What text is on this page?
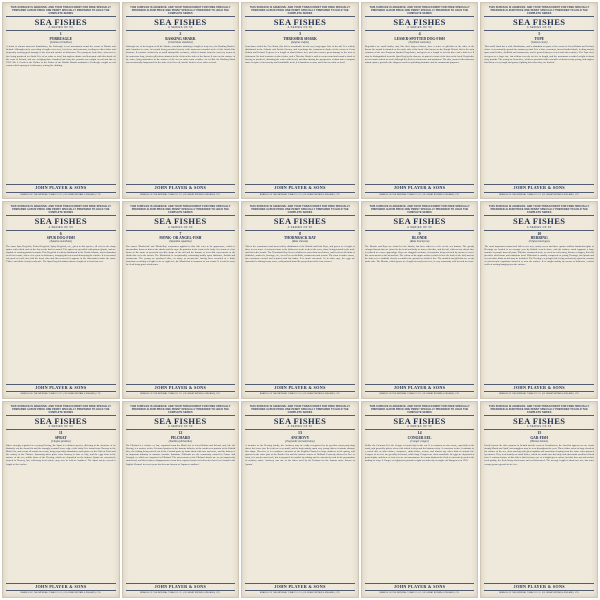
THIS SURFACE IS ADHESIVE. AND YOUR TOBACCONIST FOR FREE SPECIALLY PREPARED ALBUM PRICE ONE PENNY SPECIALLY PREPARED TO HOLD THE COMPLETE SERIES
SEA FISHES
A SERIES OF 50
1
PORBEAGLE
(Lamna cornubica)
A shark of almost universal distribution, the Porbeagle is not uncommon round the coasts of Britain and Ireland. Although rarely exceeding a length of ten feet, it is fierce and voracious, feeding on other fishes and frequently causing great damage to the nets and catches of fishermen. The young are born alive, from two to five being produced at a birth. It is of no value as food, but anglers obtain excellent sport with this shark off the coast of Ireland, and one weighing three hundred and sixty-five pounds was caught on rod and line in 1932. Mr. J. Crook is the Holder of the Fishes of the British Islands maintains a Porbeagle caught on rod counts which sprung at a fisherman, tearing his clothing.
JOHN PLAYER & SONS
BRANCH OF THE IMPERIAL TOBACCO CO. (OF GREAT BRITAIN & IRELAND), LTD.
THIS SURFACE IS ADHESIVE. AND YOUR TOBACCONIST FOR FREE SPECIALLY PREPARED ALBUM PRICE ONE PENNY SPECIALLY PREPARED TO HOLD THE COMPLETE SERIES
SEA FISHES
A SERIES OF 50
2
BASKING SHARK
(Cetorhinus maximus)
Although one of the largest of all the Sharks, sometimes attaining a length of forty feet, the Basking Shark is quite harmless to man, its mouth being provided merely with numerous rounded teeth of like bristle-like structure. It consists exclusively of small shrimp-like creatures, which it strains from the water by means of the numerous long, slender gill-rakers situated in the clefts at the sides of the throat. It rises on the surface of the water, lying motionless at the surface of the sea on calm warm weather. An eel-like the Basking Shark was occasionally harpooned for the sake of its liver oil, but the flesh is of no value as food.
JOHN PLAYER & SONS
BRANCH OF THE IMPERIAL TOBACCO CO. (OF GREAT BRITAIN & IRELAND), LTD.
THIS SURFACE IS ADHESIVE. AND YOUR TOBACCONIST FOR FREE SPECIALLY PREPARED ALBUM PRICE ONE PENNY SPECIALLY PREPARED TO HOLD THE COMPLETE SERIES
SEA FISHES
A SERIES OF 50
3
THRESHER SHARK
(Alopias vulpes)
Sometimes called the Fox Shark, this fish is remarkable for the very long upper lobe of the tail. It is widely distributed in the Atlantic and Pacific Oceans, and is perhaps the commonest shark off the coasts of Great Britain and Ireland. It grows to a length of about fifteen feet, and often causes great damage to the nets of fishermen. Its food consists of other fishes, and a Thresher Shark is said to swim round and round a shoal of herring or mackerel, thrashing the water with its tail, and thus driving the prospective victims into a compact mass. In spite of its voracity and formidable teeth, it is harmless to man, and it has no value as food.
JOHN PLAYER & SONS
BRANCH OF THE IMPERIAL TOBACCO CO. (OF GREAT BRITAIN & IRELAND), LTD.
THIS SURFACE IS ADHESIVE. AND YOUR TOBACCONIST FOR FREE SPECIALLY PREPARED ALBUM PRICE ONE PENNY SPECIALLY PREPARED TO HOLD THE COMPLETE SERIES
SEA FISHES
A SERIES OF 50
4
LESSER-SPOTTED DOG-FISH
(Scyllium canicula)
Dog-fishes are small sharks, and, like their larger relatives, have a series of gill-slits on the sides of the throat; the mouth is situated on the under side of the head. Also known as the Rough Hound, this is the most common of the two European Spotted Dog-fishes, and grows to a length of at least three and a half feet. It may be distinguished from the Spur Dog by the absence of spines in front of the fins on the back. Dog-fishes are not much valued as food, although the flesh is wholesome and nutritious. The skin, armed with numerous minute spines, provides the shagreen used for polishing furniture and for ornamental purposes.
JOHN PLAYER & SONS
BRANCH OF THE IMPERIAL TOBACCO CO. (OF GREAT BRITAIN & IRELAND), LTD.
THIS SURFACE IS ADHESIVE. AND YOUR TOBACCONIST FOR FREE SPECIALLY PREPARED ALBUM PRICE ONE PENNY SPECIALLY PREPARED TO HOLD THE COMPLETE SERIES
SEA FISHES
A SERIES OF 50
5
TOPE
(Galeus canis)
This small shark has a wide distribution, and is abundant on parts of the coasts of Great Britain and Ireland, where it occasionally spends the summer period. It is a slim, voracious, brown-bodied shark, feeding mainly upon small fishes, shellfish and crustaceans, and is great destroyer of nets and other catches. The Tope does not grow to a large size, but seldom exceeds six feet in length, and the maximum recorded weight is about sixty pounds. The young are born alive, which is provided with a sizeable of about twenty young, and anglers find them a very tough and gamey fighting fish when they are hooked.
JOHN PLAYER & SONS
BRANCH OF THE IMPERIAL TOBACCO CO. (OF GREAT BRITAIN & IRELAND), LTD.
THIS SURFACE IS ADHESIVE. AND YOUR TOBACCONIST FOR FREE SPECIALLY PREPARED ALBUM PRICE ONE PENNY SPECIALLY PREPARED TO HOLD THE COMPLETE SERIES
SEA FISHES
A SERIES OF 50
6
SPUR DOG-FISH
(Squalus acanthias)
The name Spur Dog-fish, Picked Dog-fish, Spiny Dog-fish, etc., given to this species, all refer to the sharp spines with which each of the fins on the back is armed. The spines are provided with poison glands, and are capable of causing painful wounds. This Dog-fish is widely distributed in the North Atlantic, and is abundant on all our coasts, where it is a pest to fishermen, ravaging their nets and destroying the catches. It is not much esteemed as food, but with the head, skin and fins removed it appears in the fish-market under the name 'Flake'; and finds a fairly ready sale. The Spur Dog-fish attains about a length of at least four feet.
JOHN PLAYER & SONS
BRANCH OF THE IMPERIAL TOBACCO CO. (OF GREAT BRITAIN & IRELAND), LTD.
THIS SURFACE IS ADHESIVE. AND YOUR TOBACCONIST FOR FREE SPECIALLY PREPARED ALBUM PRICE ONE PENNY SPECIALLY PREPARED TO HOLD THE COMPLETE SERIES
SEA FISHES
A SERIES OF 50
7
MONK- OR ANGEL-FISH
(Squatina squatina)
The names 'Monk-fish' and 'Monk-Ray' sometimes applied to this fish refer to its appearance, which is intermediate between that of the sharks and the rays. Its position in the front of the body is in front of a line drawn to the name of powerful saw-like shape of the tail and the human of wave-like movements of the bluish disc as in the bream. The Monk-fish is exceptionally exhausting bodily upon flatfishes, flatfish and crustaceans. The young are produced alive, as many as twenty-five having been recorded at a birth. Sometimes reaching a length of six to eight feet, the Monk-fish is common on our coasts. It is sold as food, the flesh being quite wholesome.
JOHN PLAYER & SONS
BRANCH OF THE IMPERIAL TOBACCO CO. (OF GREAT BRITAIN & IRELAND), LTD.
THIS SURFACE IS ADHESIVE. AND YOUR TOBACCONIST FOR FREE SPECIALLY PREPARED ALBUM PRICE ONE PENNY SPECIALLY PREPARED TO HOLD THE COMPLETE SERIES
SEA FISHES
A SERIES OF 50
8
THORNBACK RAY
(Raia clavata)
This is the commonest and most widely distributed of the British and Irish Rays, and grows to a length of three feet or more. A curious feature is the difference in the teeth of the sexes, those being pointed in the male and flat in the female. The Thornback Ray lives in shallower water than its relatives, and feeds on all kinds of flatfishes, sand-eels, herrings, etc., as well as on shellfish, crustaceans and worms. The form is rather coarse, has enormous created and serrated with hot butter. It is much esteemed. As in other rays, the eggs are deposited in oblong horny cases, with pointed horn-like projections at the four corners.
JOHN PLAYER & SONS
BRANCH OF THE IMPERIAL TOBACCO CO. (OF GREAT BRITAIN & IRELAND), LTD.
THIS SURFACE IS ADHESIVE. AND YOUR TOBACCONIST FOR FREE SPECIALLY PREPARED ALBUM PRICE ONE PENNY SPECIALLY PREPARED TO HOLD THE COMPLETE SERIES
SEA FISHES
A SERIES OF 50
9
BLONDE
(Raia brachyura)
The Blonde and Rays are related to the Sharks, but have taken to a life on the sea bottom. The greatly enlarged breast-fins are joined to the head and body to form a flat disc, and the tail, with no true dorsal fins, is reduced to a mere appendage. Rays are sluggish creatures, locomotion being effected by means of wave-like movements of the breast-fins. The colour of the upper surface (which is here the back of the fish) and not the skin as in a flatfish) closely resembles the ground on which it lies. The mottled and gill-slits are on the under side. The Blonde, which grows to a length of nearly four feet, is very commonly sold as food for food.
JOHN PLAYER & SONS
BRANCH OF THE IMPERIAL TOBACCO CO. (OF GREAT BRITAIN & IRELAND), LTD.
THIS SURFACE IS ADHESIVE. AND YOUR TOBACCONIST FOR FREE SPECIALLY PREPARED ALBUM PRICE ONE PENNY SPECIALLY PREPARED TO HOLD THE COMPLETE SERIES
SEA FISHES
A SERIES OF 50
10
HERRING
(Clupea harengus)
The most important commercial fish in our seas, nearly seven and three quarter million hundredweights of Herrings are landed in an average year by British vessels alone, and the inshore catch supports a large number of people from all parts. Whether consumed fresh, or cured as red herring, bloater or kipper, this fish provides wholesome and nutritious food. Whitebait is usually composed of young Herrings, but Sprats and several other kinds of fish may be included. The Herring is a pelagic fish, living exclusively upon the swarms of microscopic organisms found at or near the surface. It is caught mainly by means of drift-nets, vertical walls of netting hanging near the surface.
JOHN PLAYER & SONS
BRANCH OF THE IMPERIAL TOBACCO CO. (OF GREAT BRITAIN & IRELAND), LTD.
THIS SURFACE IS ADHESIVE. AND YOUR TOBACCONIST FOR FREE SPECIALLY PREPARED ALBUM PRICE ONE PENNY SPECIALLY PREPARED TO HOLD THE COMPLETE SERIES
SEA FISHES
A SERIES OF 50
11
SPRAT
(Clupea sprattus)
Often wrongly regarded as a young Herring, the Sprat is a distinct species, differing in the structure of its distinctly cut the dorsal fin and the strongly serrated lower edge of the body. It is found from Norway to the Black Sea, and occurs all round our coasts, being especially abundant in such places as the Firth of Forth and the estuary of the Thames. Spawning takes place from January to June or July, and the eggs float at the surface of the sea, unlike those of the Herring, which are deposited on the bottom. Sprats are extensively canned in Norway, but, following local action, may now be sold as 'sardines'. The Sprat rarely exceeds a length of five inches.
JOHN PLAYER & SONS
BRANCH OF THE IMPERIAL TOBACCO CO. (OF GREAT BRITAIN & IRELAND), LTD.
THIS SURFACE IS ADHESIVE. AND YOUR TOBACCONIST FOR FREE SPECIALLY PREPARED ALBUM PRICE ONE PENNY SPECIALLY PREPARED TO HOLD THE COMPLETE SERIES
SEA FISHES
A SERIES OF 50
12
PILCHARD
(Sardina pilchardus)
The Pilchard is a relative of, but, separated from the Black Sea to Great Britain and Ireland, and, like the Herring, is a surface feeder. It formed portion of the famous fisheries of the south-west portion of the British Isles, the fishing being carried out in the Cornish ports by boats fitted with nets and seine, and the fishery is an important industry in summer months. Immature Pilchards are the commonly canned in France and Portugal, to which are imported as Pilchard. The movements of the Pilchard shoals are as yet imperfectly understood, and their inshore disappearances from their reported causes is believed to have been found in the English Channel in recent years has become known as 'Japanese sardines'.
JOHN PLAYER & SONS
BRANCH OF THE IMPERIAL TOBACCO CO. (OF GREAT BRITAIN & IRELAND), LTD.
THIS SURFACE IS ADHESIVE. AND YOUR TOBACCONIST FOR FREE SPECIALLY PREPARED ALBUM PRICE ONE PENNY SPECIALLY PREPARED TO HOLD THE COMPLETE SERIES
SEA FISHES
A SERIES OF 50
13
ANCHOVY
(Engraulis encrasicholus)
A member of the Herring family, the Anchovy may be easily recognised by its peculiar snout projecting above the lower jaw. Its teeth are very small, and its body mainly upon very young fishes of minute shrimp-like shape. However, it is a northern extension of the English Channel in large numbers in the spring, and spawns in the outer part of the Border Sea and the inshore waters of Holland. Formerly allowed to live or form, it is rarely eaten fresh, but is prepared for market by salting and is extensively used in the preparation of anchovy sauce. Anchovy was one of the fishes used by the Romans for the famous sauce known as 'garum'.
JOHN PLAYER & SONS
BRANCH OF THE IMPERIAL TOBACCO CO. (OF GREAT BRITAIN & IRELAND), LTD.
THIS SURFACE IS ADHESIVE. AND YOUR TOBACCONIST FOR FREE SPECIALLY PREPARED ALBUM PRICE ONE PENNY SPECIALLY PREPARED TO HOLD THE COMPLETE SERIES
SEA FISHES
A SERIES OF 50
14
CONGER EEL
(Conger conger)
Unlike the Common Eel, the Conger is found only in the sea. It is common on our coasts, especially in the south, and generally places where fish which is deep and the bottom rocky. A voracious feeder, it subsists on a varied diet of other fishes, octopuses, cuttle-fishes, worms, and almost any other kind of animal life. Congers of six feet are greedily devoured, while large Congers are often cannibals. Its eggs are deposited at great depths, and there or four feet are not uncommon. In certain districts the flesh is extensively used in the making of soup. A Conger of eighty-four pounds weight was taken by an angler off Dungeness in 1935.
JOHN PLAYER & SONS
BRANCH OF THE IMPERIAL TOBACCO CO. (OF GREAT BRITAIN & IRELAND), LTD.
THIS SURFACE IS ADHESIVE. AND YOUR TOBACCONIST FOR FREE SPECIALLY PREPARED ALBUM PRICE ONE PENNY SPECIALLY PREPARED TO HOLD THE COMPLETE SERIES
SEA FISHES
A SERIES OF 50
15
GAR-FISH
(Belone belone)
Easily known the fish common in Ireland and the coast of Scandinavia, the Gar-fish appears on our coasts during March and April, but stragglers may be seen throughout the year. These fishes swim in large shoals at the surface of the sea, often moving with great rapidity and sometimes leaping from the water when pursued by tunnies. They feed mainly on small fishes, which are small ones the body and afterwards swallowed head first. A curious feature of this fish is that its bones are of a bright green colour, but this does not affect their food quality, the flesh being wholesome and well-flavoured. The average length is about two feet, but some escape greater growth to six feet.
JOHN PLAYER & SONS
BRANCH OF THE IMPERIAL TOBACCO CO. (OF GREAT BRITAIN & IRELAND), LTD.
